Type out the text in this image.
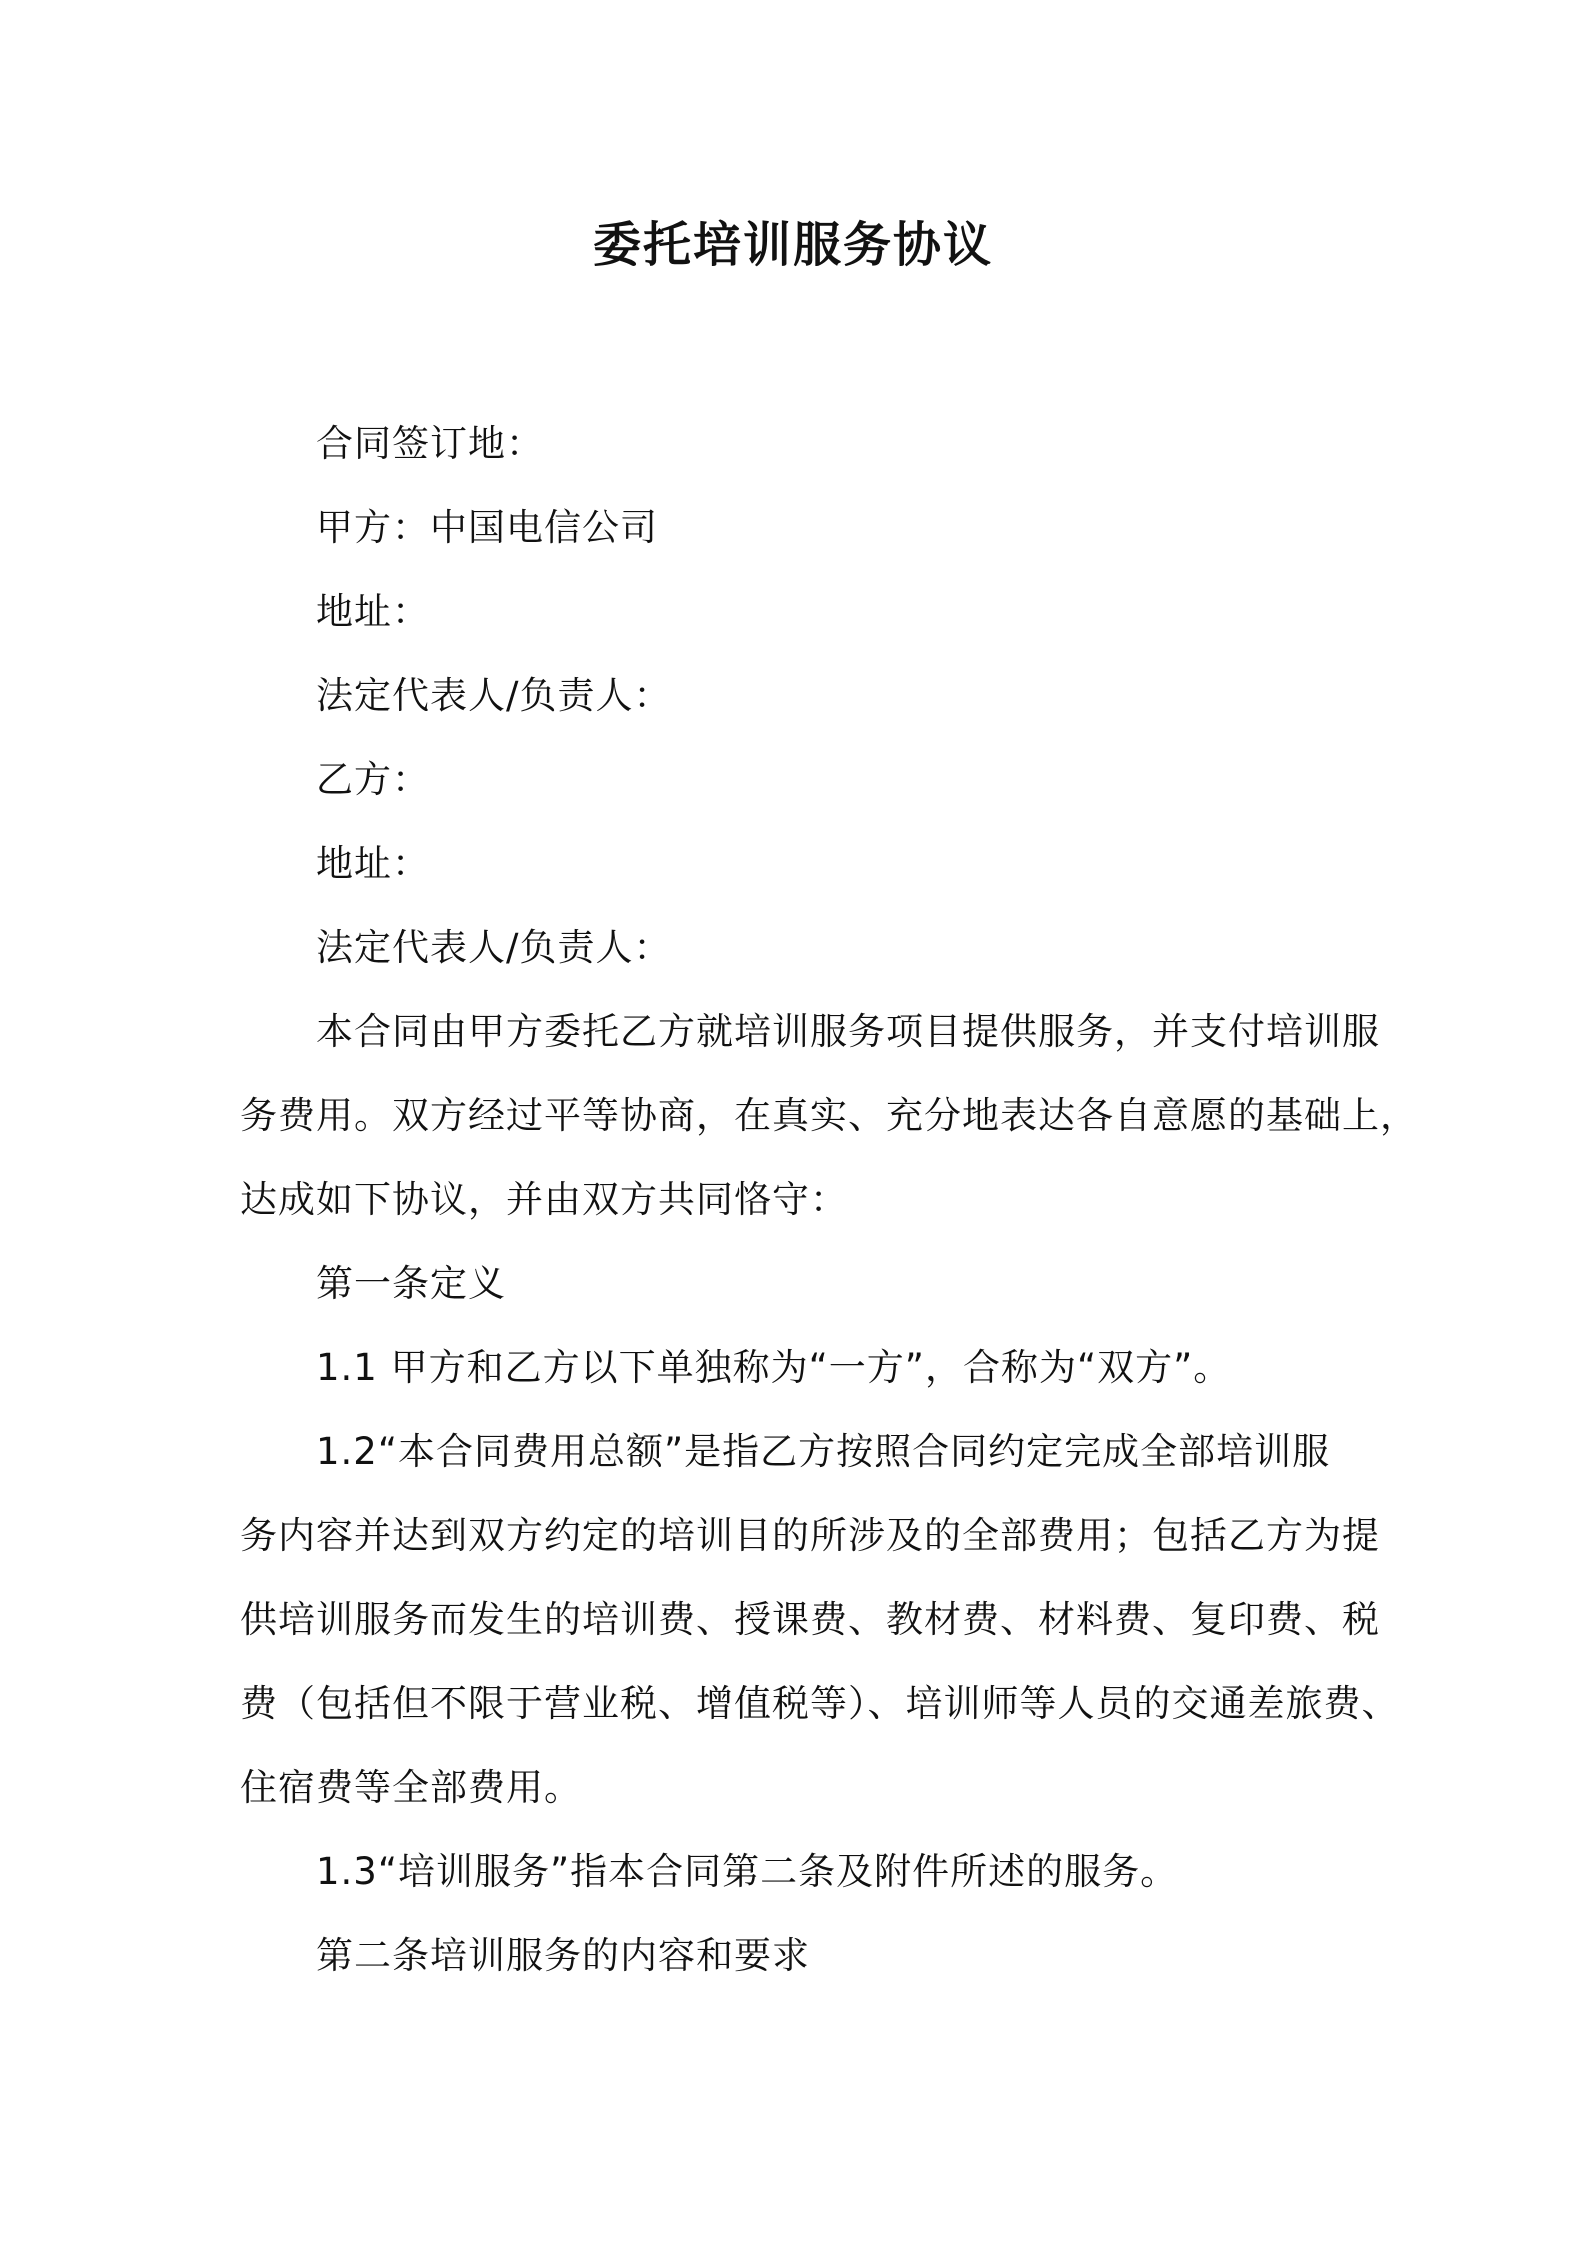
委托培训服务协议
合同签订地：
甲方：中国电信公司
地址：
法定代表人/负责人：
乙方：
地址：
法定代表人/负责人：
本合同由甲方委托乙方就培训服务项目提供服务，并支付培训服
务费用。双方经过平等协商，在真实、充分地表达各自意愿的基础上，
达成如下协议，并由双方共同恪守：
第一条定义
1.1 甲方和乙方以下单独称为“一方”，合称为“双方”。
1.2“本合同费用总额”是指乙方按照合同约定完成全部培训服
务内容并达到双方约定的培训目的所涉及的全部费用；包括乙方为提
供培训服务而发生的培训费、授课费、教材费、材料费、复印费、税
费（包括但不限于营业税、增值税等）、培训师等人员的交通差旅费、
住宿费等全部费用。
1.3“培训服务”指本合同第二条及附件所述的服务。
第二条培训服务的内容和要求
